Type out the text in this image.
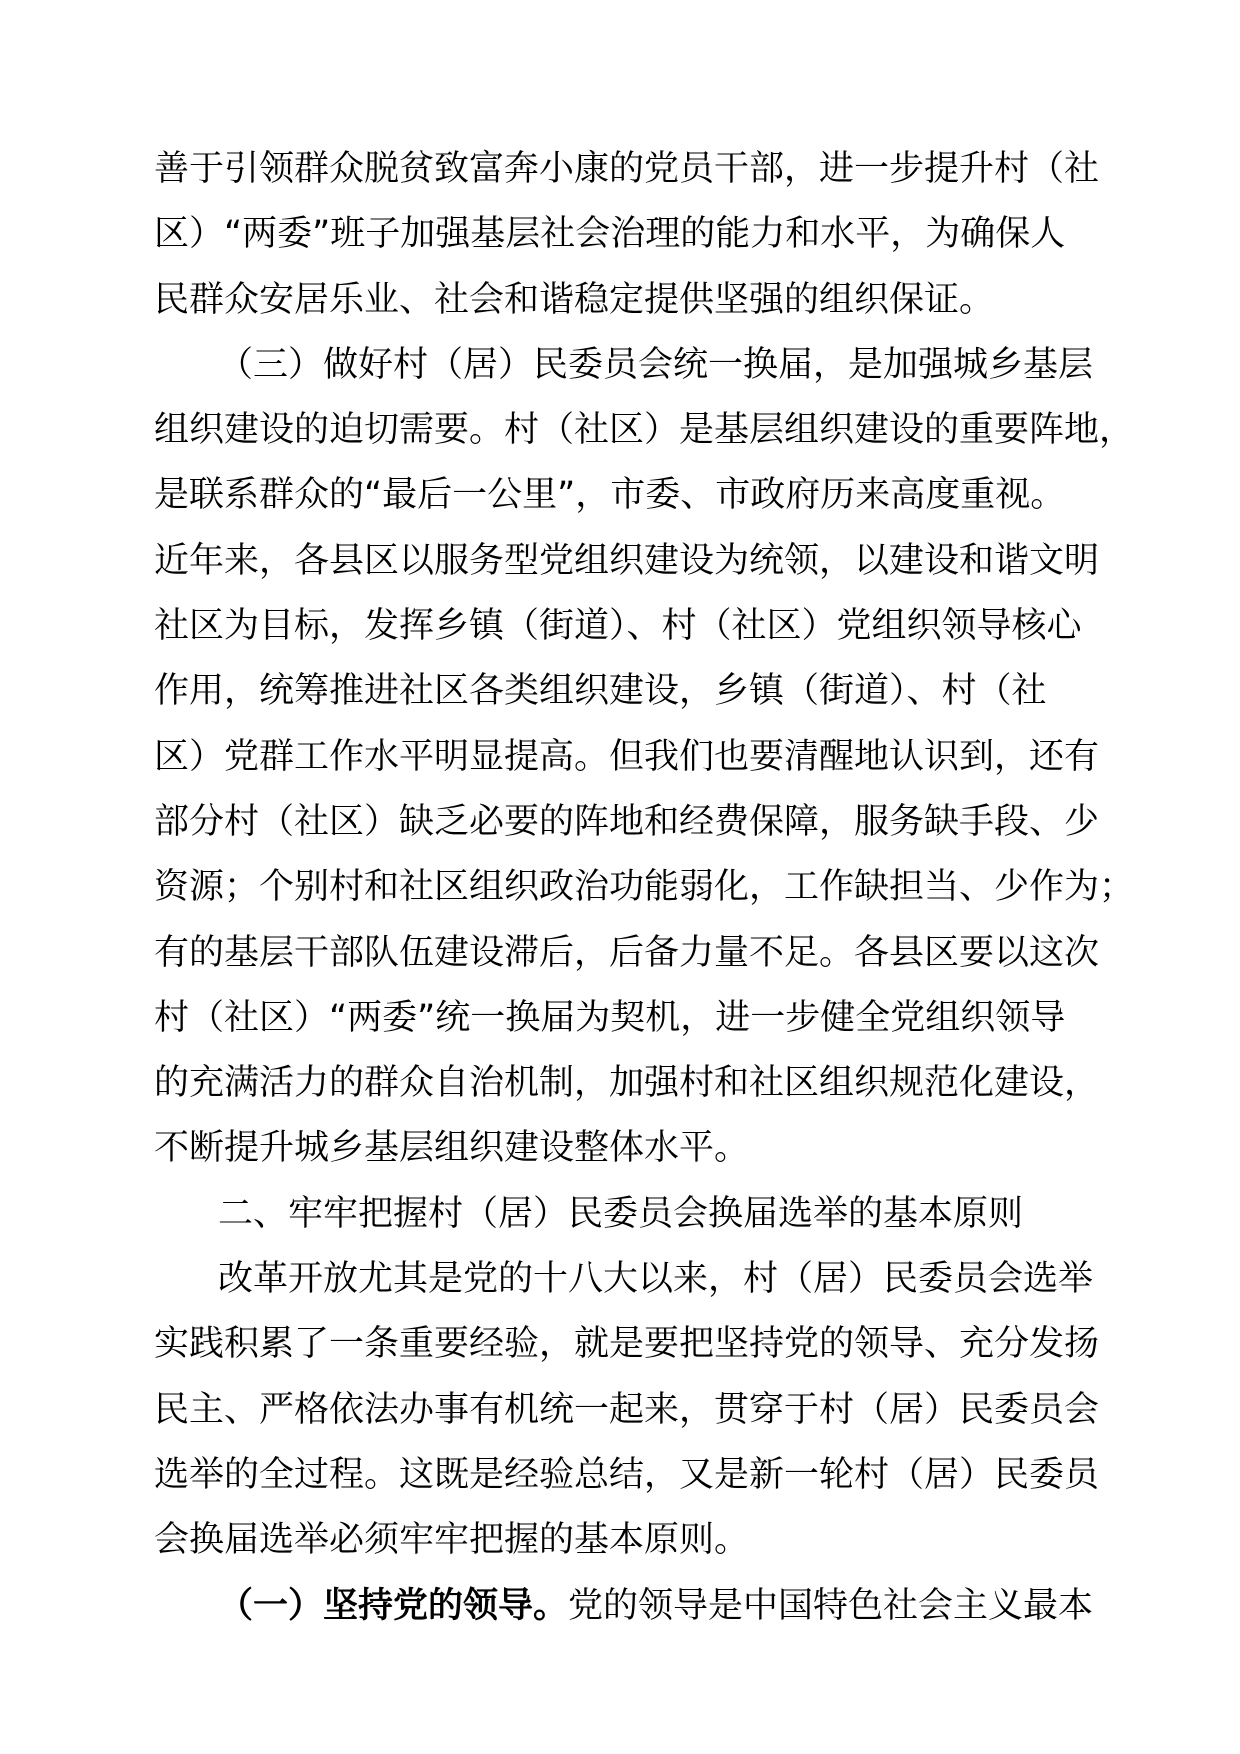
善于引领群众脱贫致富奔小康的党员干部，进一步提升村（社
区）“两委”班子加强基层社会治理的能力和水平，为确保人
民群众安居乐业、社会和谐稳定提供坚强的组织保证。
（三）做好村（居）民委员会统一换届，是加强城乡基层
组织建设的迫切需要。村（社区）是基层组织建设的重要阵地，
是联系群众的“最后一公里”，市委、市政府历来高度重视。
近年来，各县区以服务型党组织建设为统领，以建设和谐文明
社区为目标，发挥乡镇（街道）、村（社区）党组织领导核心
作用，统筹推进社区各类组织建设，乡镇（街道）、村（社
区）党群工作水平明显提高。但我们也要清醒地认识到，还有
部分村（社区）缺乏必要的阵地和经费保障，服务缺手段、少
资源；个别村和社区组织政治功能弱化，工作缺担当、少作为；
有的基层干部队伍建设滞后，后备力量不足。各县区要以这次
村（社区）“两委”统一换届为契机，进一步健全党组织领导
的充满活力的群众自治机制，加强村和社区组织规范化建设，
不断提升城乡基层组织建设整体水平。
二、牢牢把握村（居）民委员会换届选举的基本原则
改革开放尤其是党的十八大以来，村（居）民委员会选举
实践积累了一条重要经验，就是要把坚持党的领导、充分发扬
民主、严格依法办事有机统一起来，贯穿于村（居）民委员会
选举的全过程。这既是经验总结，又是新一轮村（居）民委员
会换届选举必须牢牢把握的基本原则。
（一）坚持党的领导。党的领导是中国特色社会主义最本
